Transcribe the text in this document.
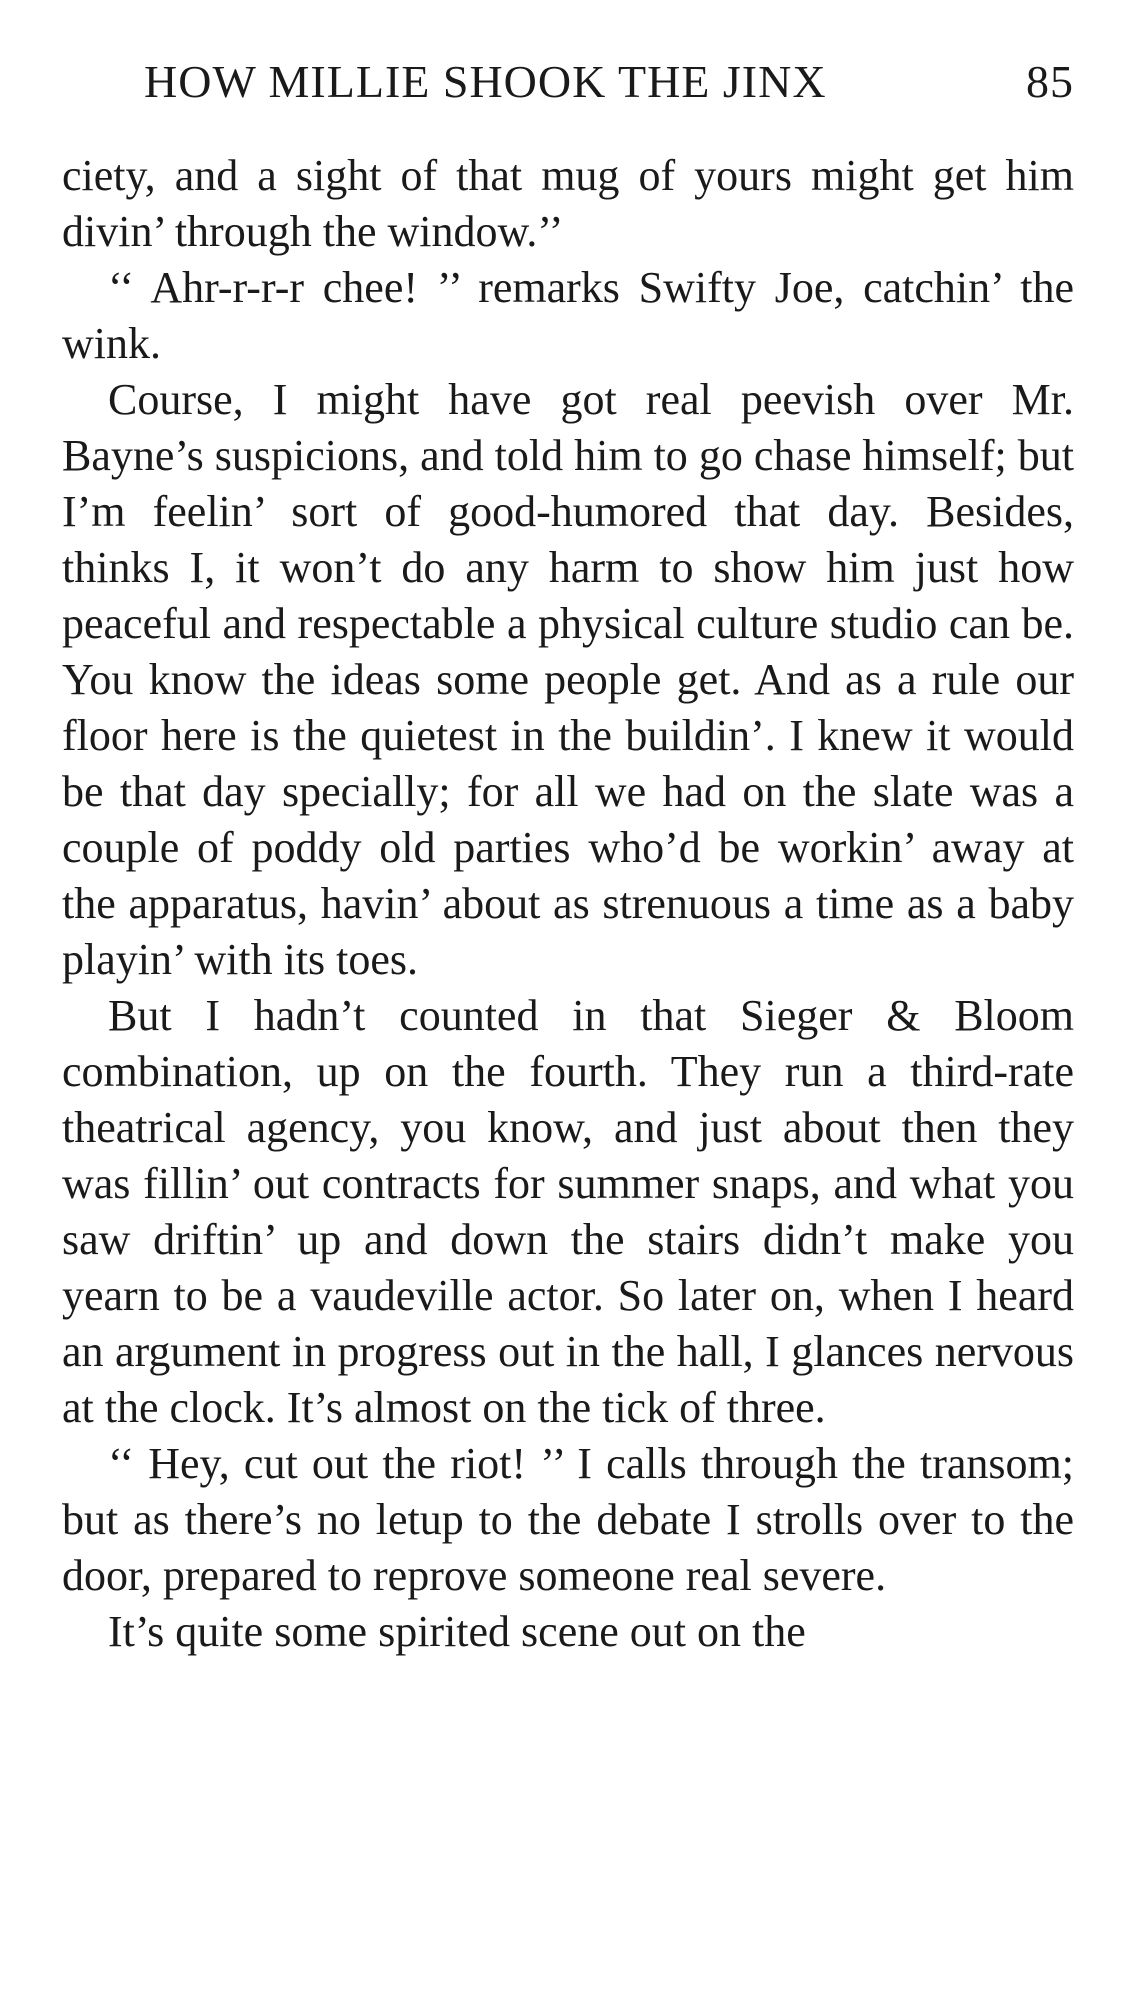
HOW MILLIE SHOOK THE JINX	85

ciety, and a sight of that mug of yours might get him divin’ through the window.’’

‘‘ Ahr-r-r-r chee! ’’ remarks Swifty Joe, catchin’ the wink.

Course, I might have got real peevish over Mr. Bayne’s suspicions, and told him to go chase himself; but I’m feelin’ sort of good-humored that day. Besides, thinks I, it won’t do any harm to show him just how peaceful and respectable a physical culture studio can be. You know the ideas some people get. And as a rule our floor here is the quietest in the buildin’. I knew it would be that day specially; for all we had on the slate was a couple of poddy old parties who’d be workin’ away at the apparatus, havin’ about as strenuous a time as a baby playin’ with its toes.

But I hadn’t counted in that Sieger & Bloom combination, up on the fourth. They run a third-rate theatrical agency, you know, and just about then they was fillin’ out contracts for summer snaps, and what you saw driftin’ up and down the stairs didn’t make you yearn to be a vaudeville actor. So later on, when I heard an argument in progress out in the hall, I glances nervous at the clock. It’s almost on the tick of three.

‘‘ Hey, cut out the riot! ’’ I calls through the transom; but as there’s no letup to the debate I strolls over to the door, prepared to reprove someone real severe.

It’s quite some spirited scene out on the
